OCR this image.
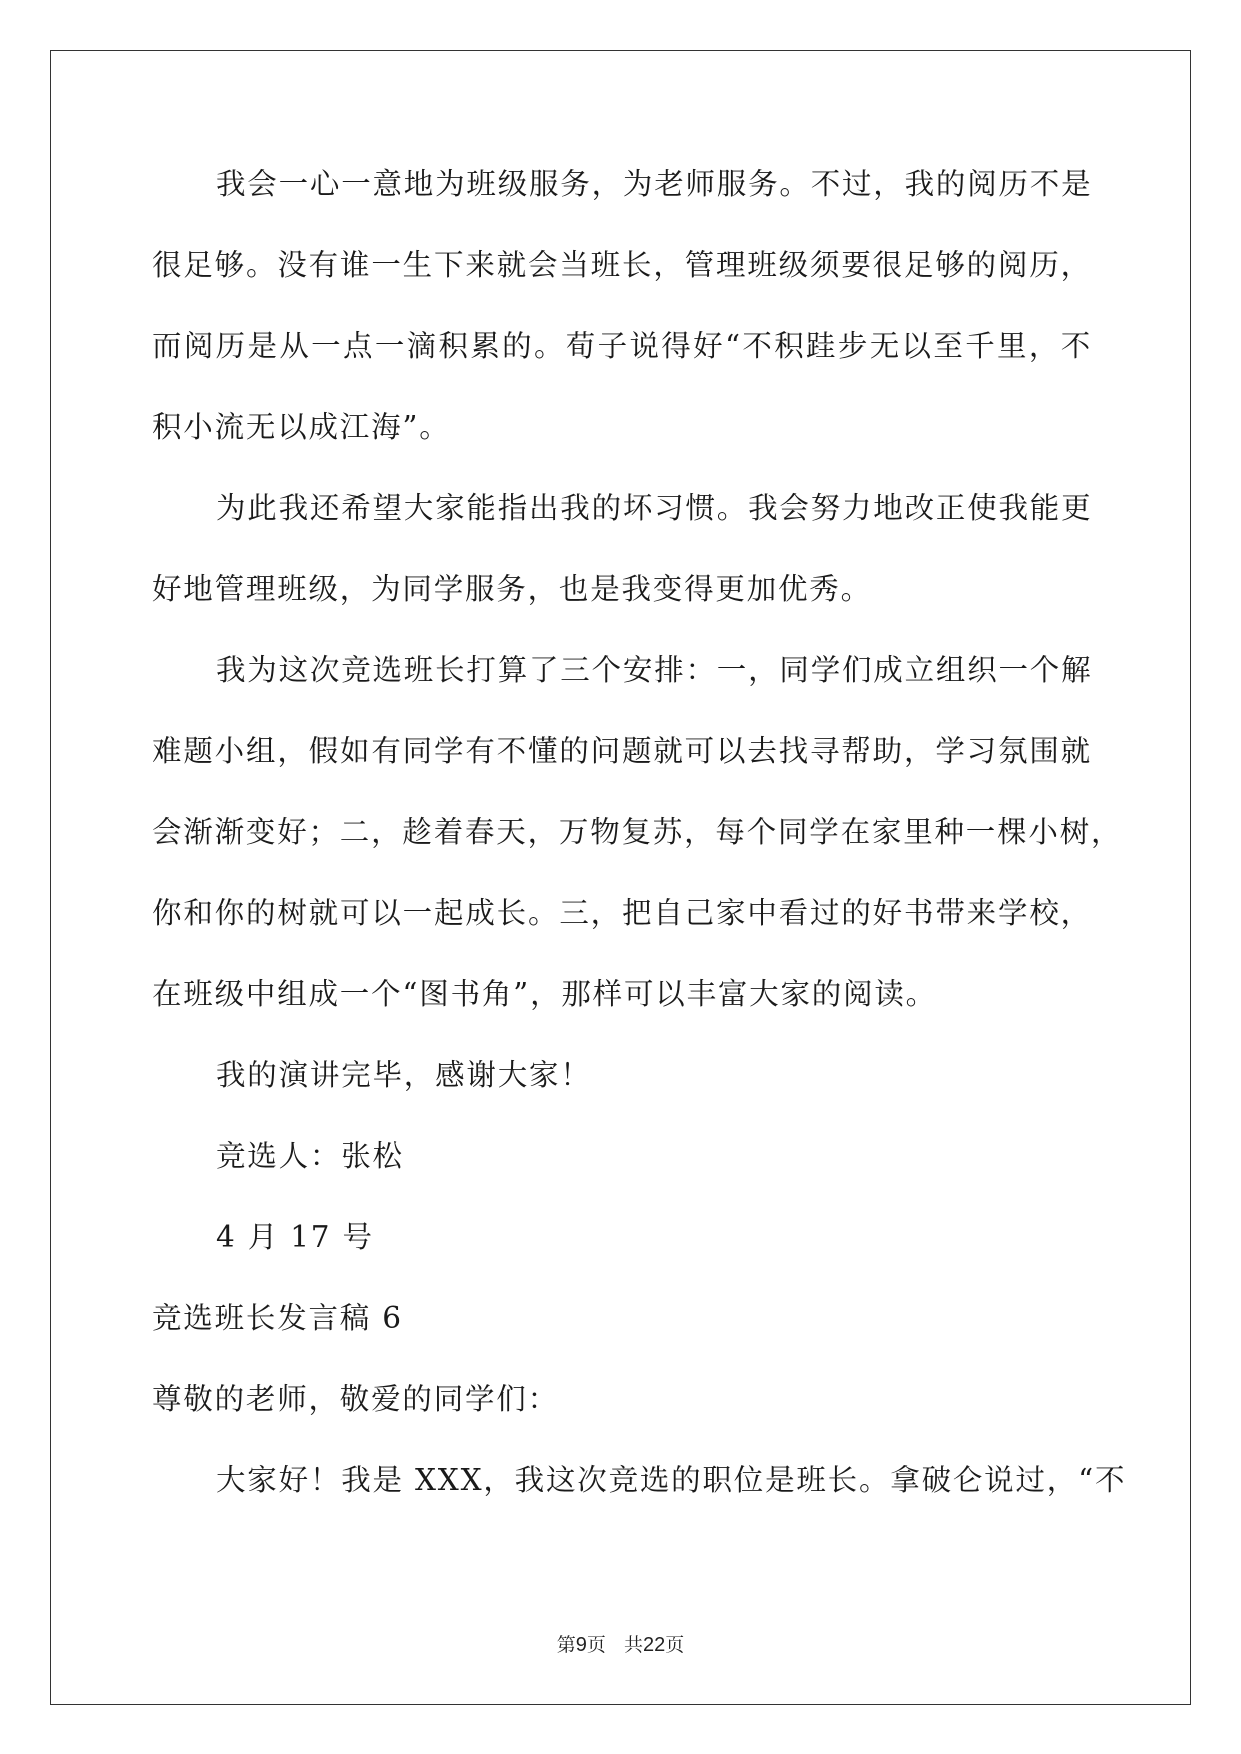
我会一心一意地为班级服务，为老师服务。不过，我的阅历不是
很足够。没有谁一生下来就会当班长，管理班级须要很足够的阅历，
而阅历是从一点一滴积累的。荀子说得好“不积跬步无以至千里，不
积小流无以成江海”。
为此我还希望大家能指出我的坏习惯。我会努力地改正使我能更
好地管理班级，为同学服务，也是我变得更加优秀。
我为这次竞选班长打算了三个安排：一，同学们成立组织一个解
难题小组，假如有同学有不懂的问题就可以去找寻帮助，学习氛围就
会渐渐变好；二，趁着春天，万物复苏，每个同学在家里种一棵小树，
你和你的树就可以一起成长。三，把自己家中看过的好书带来学校，
在班级中组成一个“图书角”，那样可以丰富大家的阅读。
我的演讲完毕，感谢大家！
竞选人：张松
4 月 17 号
竞选班长发言稿 6
尊敬的老师，敬爱的同学们：
大家好！我是 XXX，我这次竞选的职位是班长。拿破仑说过，“不
第9页 共22页
